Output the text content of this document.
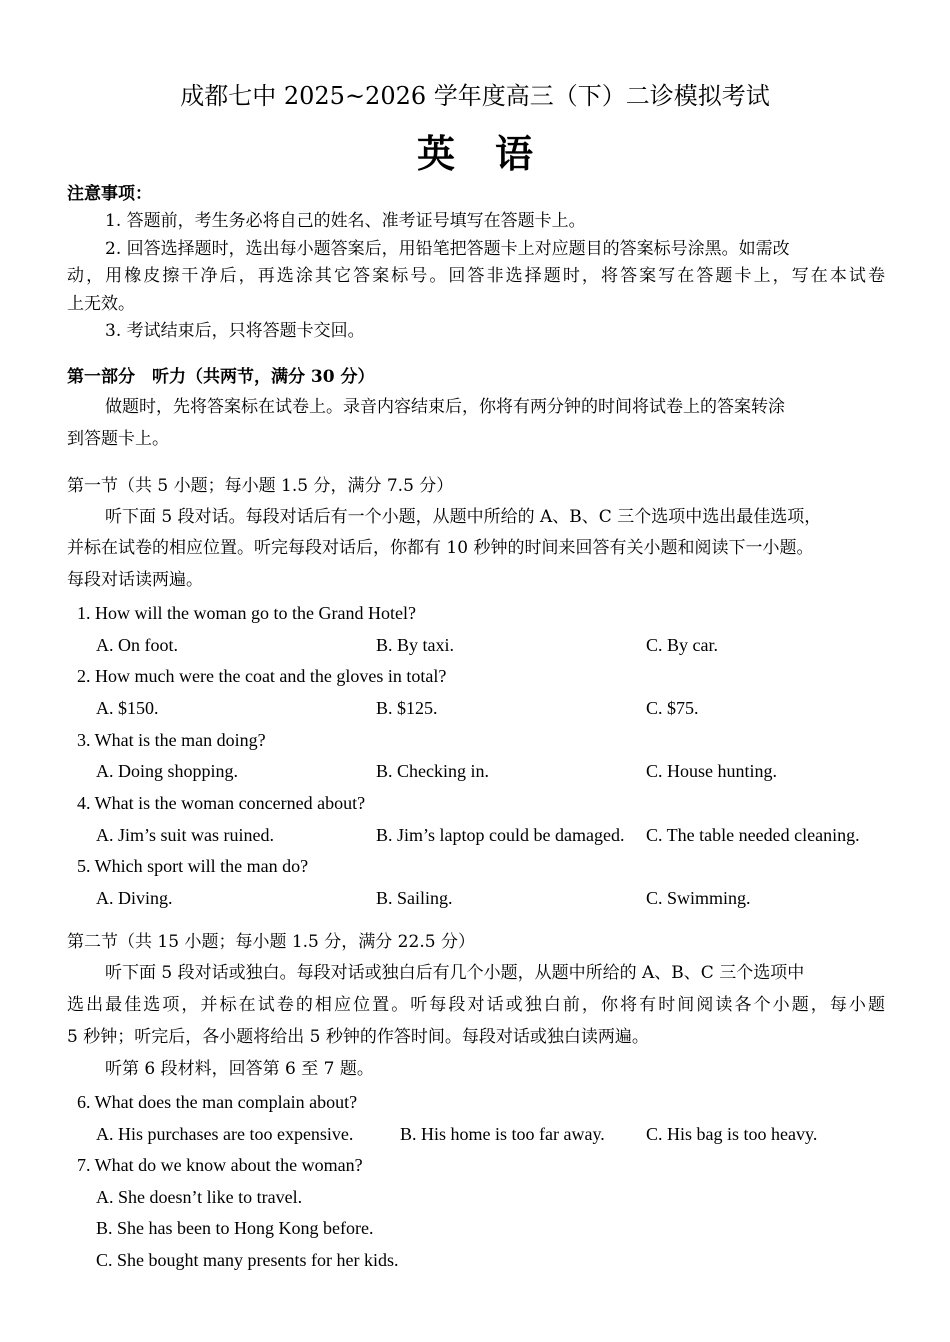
成都七中 2025~2026 学年度高三（下）二诊模拟考试
英语
注意事项：
1. 答题前，考生务必将自己的姓名、准考证号填写在答题卡上。
2. 回答选择题时，选出每小题答案后，用铅笔把答题卡上对应题目的答案标号涂黑。如需改
动，用橡皮擦干净后，再选涂其它答案标号。回答非选择题时，将答案写在答题卡上，写在本试卷
上无效。
3. 考试结束后，只将答题卡交回。
第一部分　听力（共两节，满分 30 分）
做题时，先将答案标在试卷上。录音内容结束后，你将有两分钟的时间将试卷上的答案转涂
到答题卡上。
第一节（共 5 小题；每小题 1.5 分，满分 7.5 分）
听下面 5 段对话。每段对话后有一个小题，从题中所给的 A、B、C 三个选项中选出最佳选项，
并标在试卷的相应位置。听完每段对话后，你都有 10 秒钟的时间来回答有关小题和阅读下一小题。
每段对话读两遍。
1. How will the woman go to the Grand Hotel?
A. On foot.	B. By taxi.	C. By car.
2. How much were the coat and the gloves in total?
A. $150.	B. $125.	C. $75.
3. What is the man doing?
A. Doing shopping.	B. Checking in.	C. House hunting.
4. What is the woman concerned about?
A. Jim’s suit was ruined.	B. Jim’s laptop could be damaged. C. The table needed cleaning.
5. Which sport will the man do?
A. Diving.	B. Sailing.	C. Swimming.
第二节（共 15 小题；每小题 1.5 分，满分 22.5 分）
听下面 5 段对话或独白。每段对话或独白后有几个小题，从题中所给的 A、B、C 三个选项中
选出最佳选项，并标在试卷的相应位置。听每段对话或独白前，你将有时间阅读各个小题，每小题
5 秒钟；听完后，各小题将给出 5 秒钟的作答时间。每段对话或独白读两遍。
听第 6 段材料，回答第 6 至 7 题。
6. What does the man complain about?
A. His purchases are too expensive.	B. His home is too far away. C. His bag is too heavy.
7. What do we know about the woman?
A. She doesn’t like to travel.
B. She has been to Hong Kong before.
C. She bought many presents for her kids.
